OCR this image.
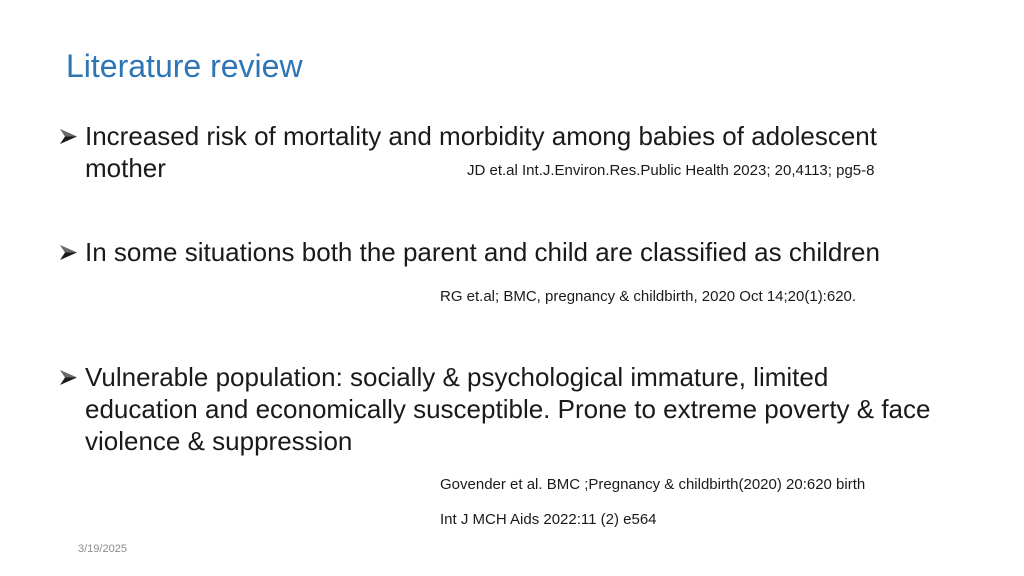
Literature review
Increased risk of mortality and morbidity among babies of adolescent
mother	JD et.al Int.J.Environ.Res.Public Health 2023; 20,4113; pg5-8
In some situations both the parent and child are classified as children
RG et.al; BMC, pregnancy & childbirth, 2020 Oct 14;20(1):620.
Vulnerable population: socially & psychological immature, limited education and economically susceptible. Prone to extreme poverty & face violence & suppression
Govender et al. BMC ;Pregnancy & childbirth(2020) 20:620 birth
Int J MCH Aids 2022:11 (2) e564
3/19/2025
